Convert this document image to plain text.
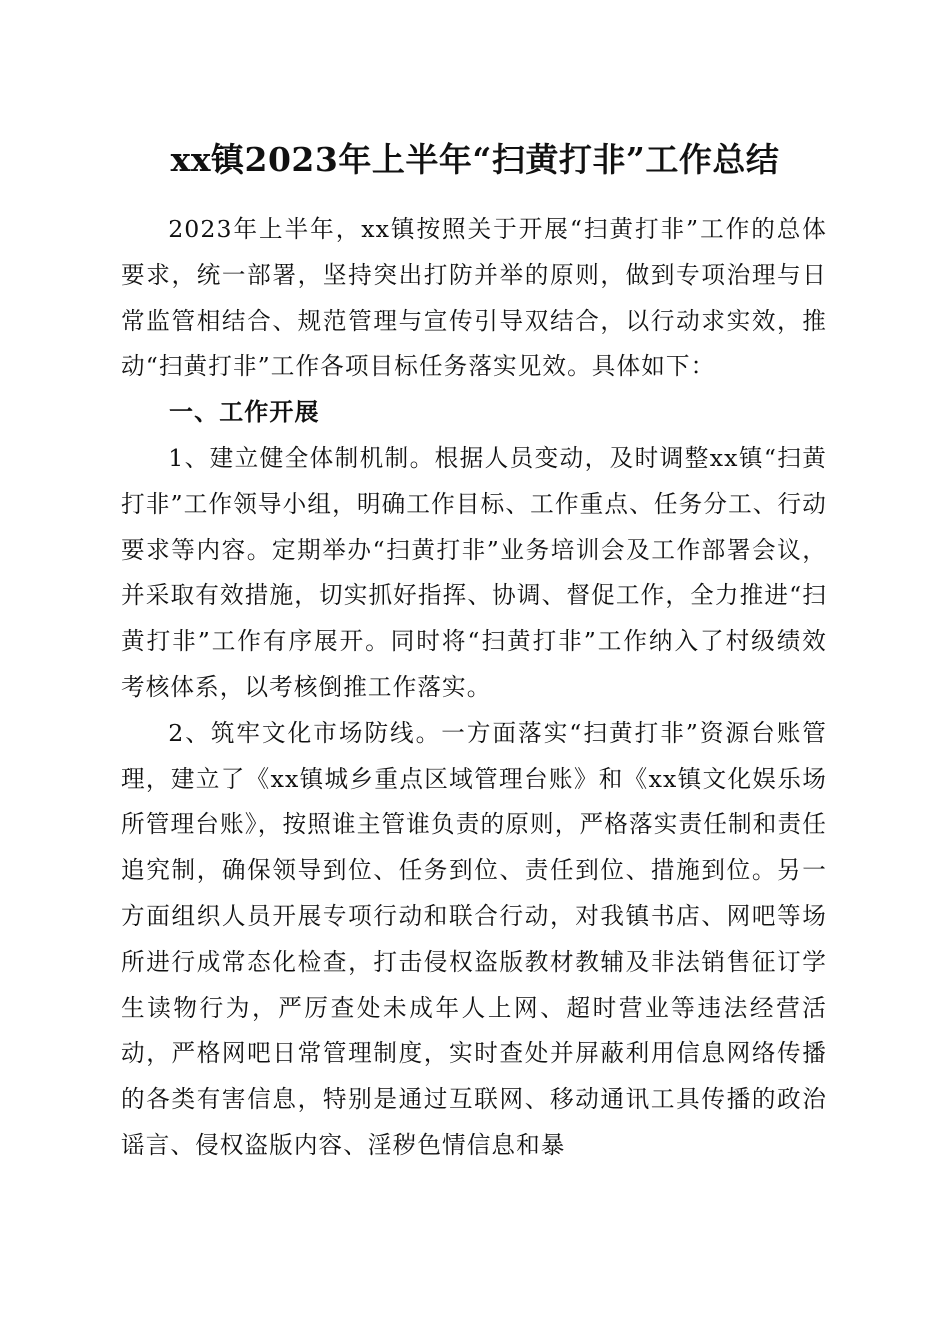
xx镇2023年上半年“扫黄打非”工作总结

2023年上半年，xx镇按照关于开展“扫黄打非”工作的总体要求，统一部署，坚持突出打防并举的原则，做到专项治理与日常监管相结合、规范管理与宣传引导双结合，以行动求实效，推动“扫黄打非”工作各项目标任务落实见效。具体如下：

一、工作开展

1、建立健全体制机制。根据人员变动，及时调整xx镇“扫黄打非”工作领导小组，明确工作目标、工作重点、任务分工、行动要求等内容。定期举办“扫黄打非”业务培训会及工作部署会议，并采取有效措施，切实抓好指挥、协调、督促工作，全力推进“扫黄打非”工作有序展开。同时将“扫黄打非”工作纳入了村级绩效考核体系，以考核倒推工作落实。

2、筑牢文化市场防线。一方面落实“扫黄打非”资源台账管理，建立了《xx镇城乡重点区域管理台账》和《xx镇文化娱乐场所管理台账》，按照谁主管谁负责的原则，严格落实责任制和责任追究制，确保领导到位、任务到位、责任到位、措施到位。另一方面组织人员开展专项行动和联合行动，对我镇书店、网吧等场所进行成常态化检查，打击侵权盗版教材教辅及非法销售征订学生读物行为，严厉查处未成年人上网、超时营业等违法经营活动，严格网吧日常管理制度，实时查处并屏蔽利用信息网络传播的各类有害信息，特别是通过互联网、移动通讯工具传播的政治谣言、侵权盗版内容、淫秽色情信息和暴
